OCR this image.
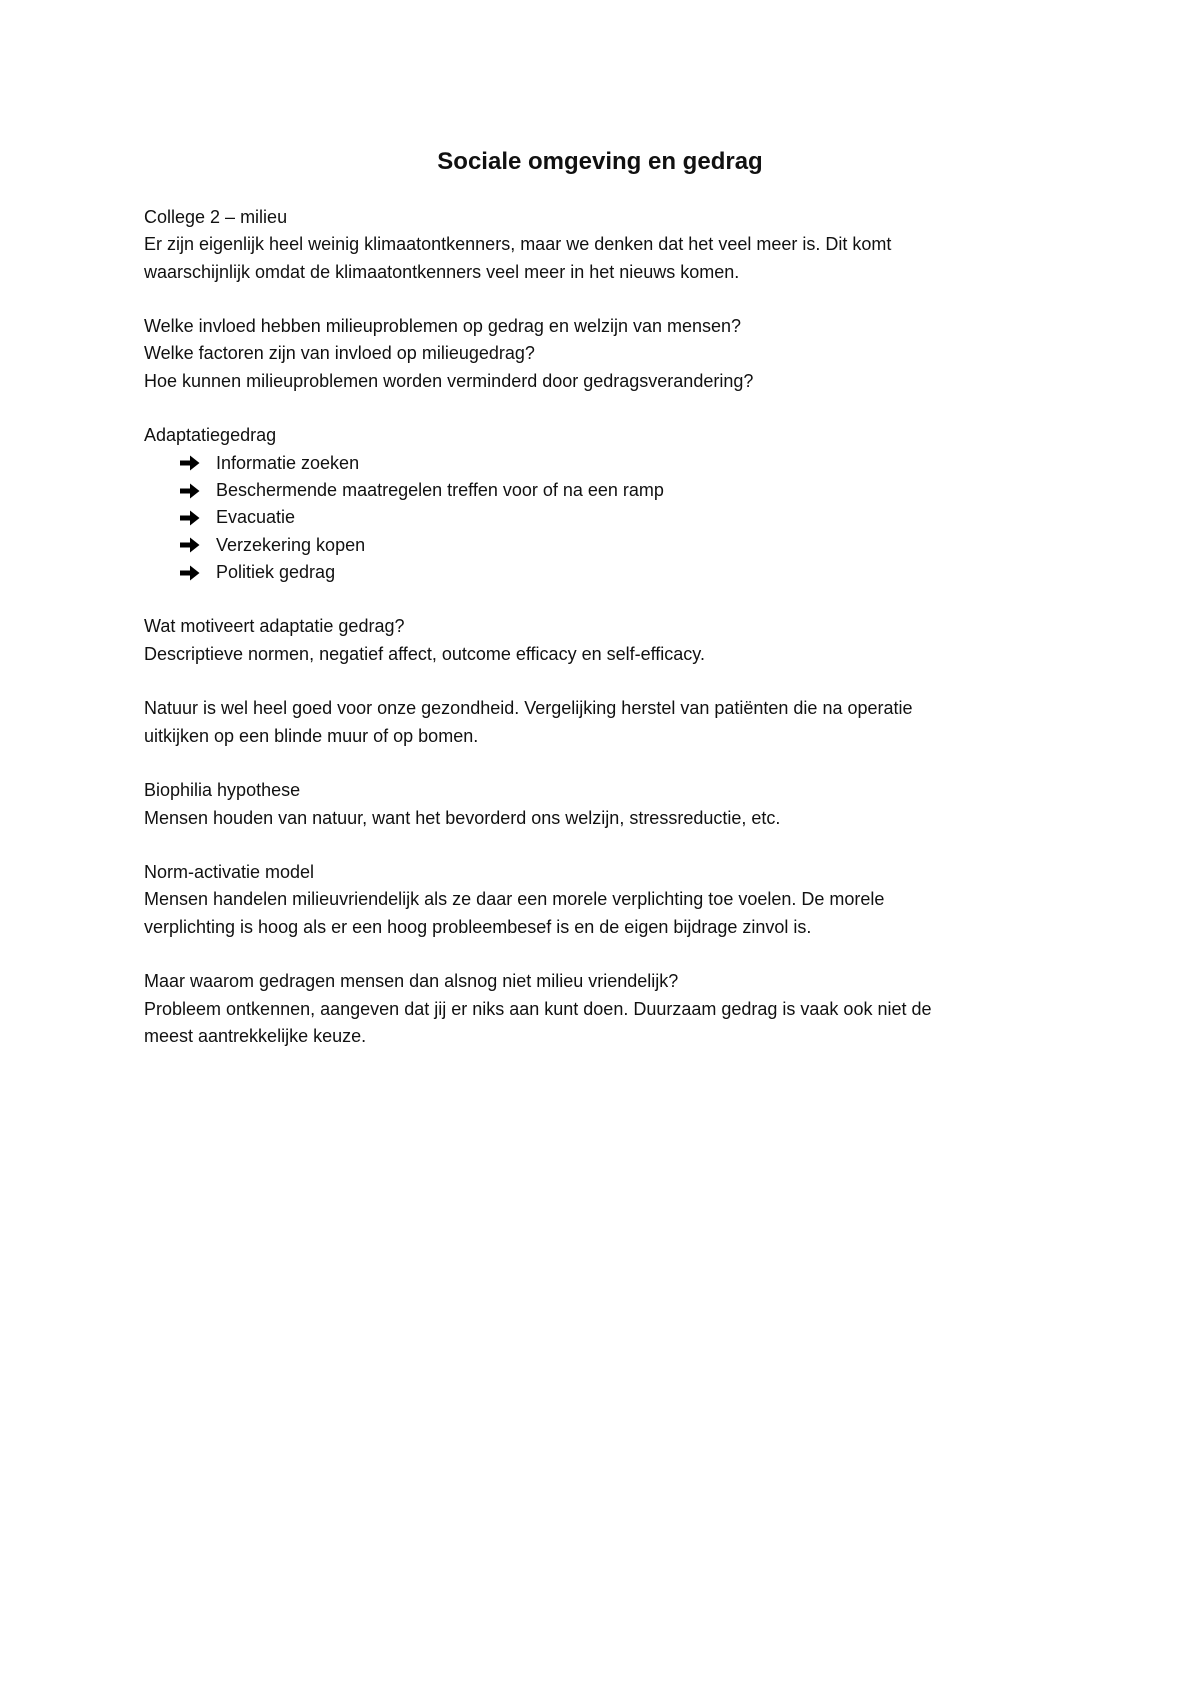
Sociale omgeving en gedrag

College 2 – milieu
Er zijn eigenlijk heel weinig klimaatontkenners, maar we denken dat het veel meer is. Dit komt
waarschijnlijk omdat de klimaatontkenners veel meer in het nieuws komen.

Welke invloed hebben milieuproblemen op gedrag en welzijn van mensen?
Welke factoren zijn van invloed op milieugedrag?
Hoe kunnen milieuproblemen worden verminderd door gedragsverandering?

Adaptatiegedrag
Informatie zoeken
Beschermende maatregelen treffen voor of na een ramp
Evacuatie
Verzekering kopen
Politiek gedrag

Wat motiveert adaptatie gedrag?
Descriptieve normen, negatief affect, outcome efficacy en self-efficacy.

Natuur is wel heel goed voor onze gezondheid. Vergelijking herstel van patiënten die na operatie
uitkijken op een blinde muur of op bomen.

Biophilia hypothese
Mensen houden van natuur, want het bevorderd ons welzijn, stressreductie, etc.

Norm-activatie model
Mensen handelen milieuvriendelijk als ze daar een morele verplichting toe voelen. De morele
verplichting is hoog als er een hoog probleembesef is en de eigen bijdrage zinvol is.

Maar waarom gedragen mensen dan alsnog niet milieu vriendelijk?
Probleem ontkennen, aangeven dat jij er niks aan kunt doen. Duurzaam gedrag is vaak ook niet de
meest aantrekkelijke keuze.
